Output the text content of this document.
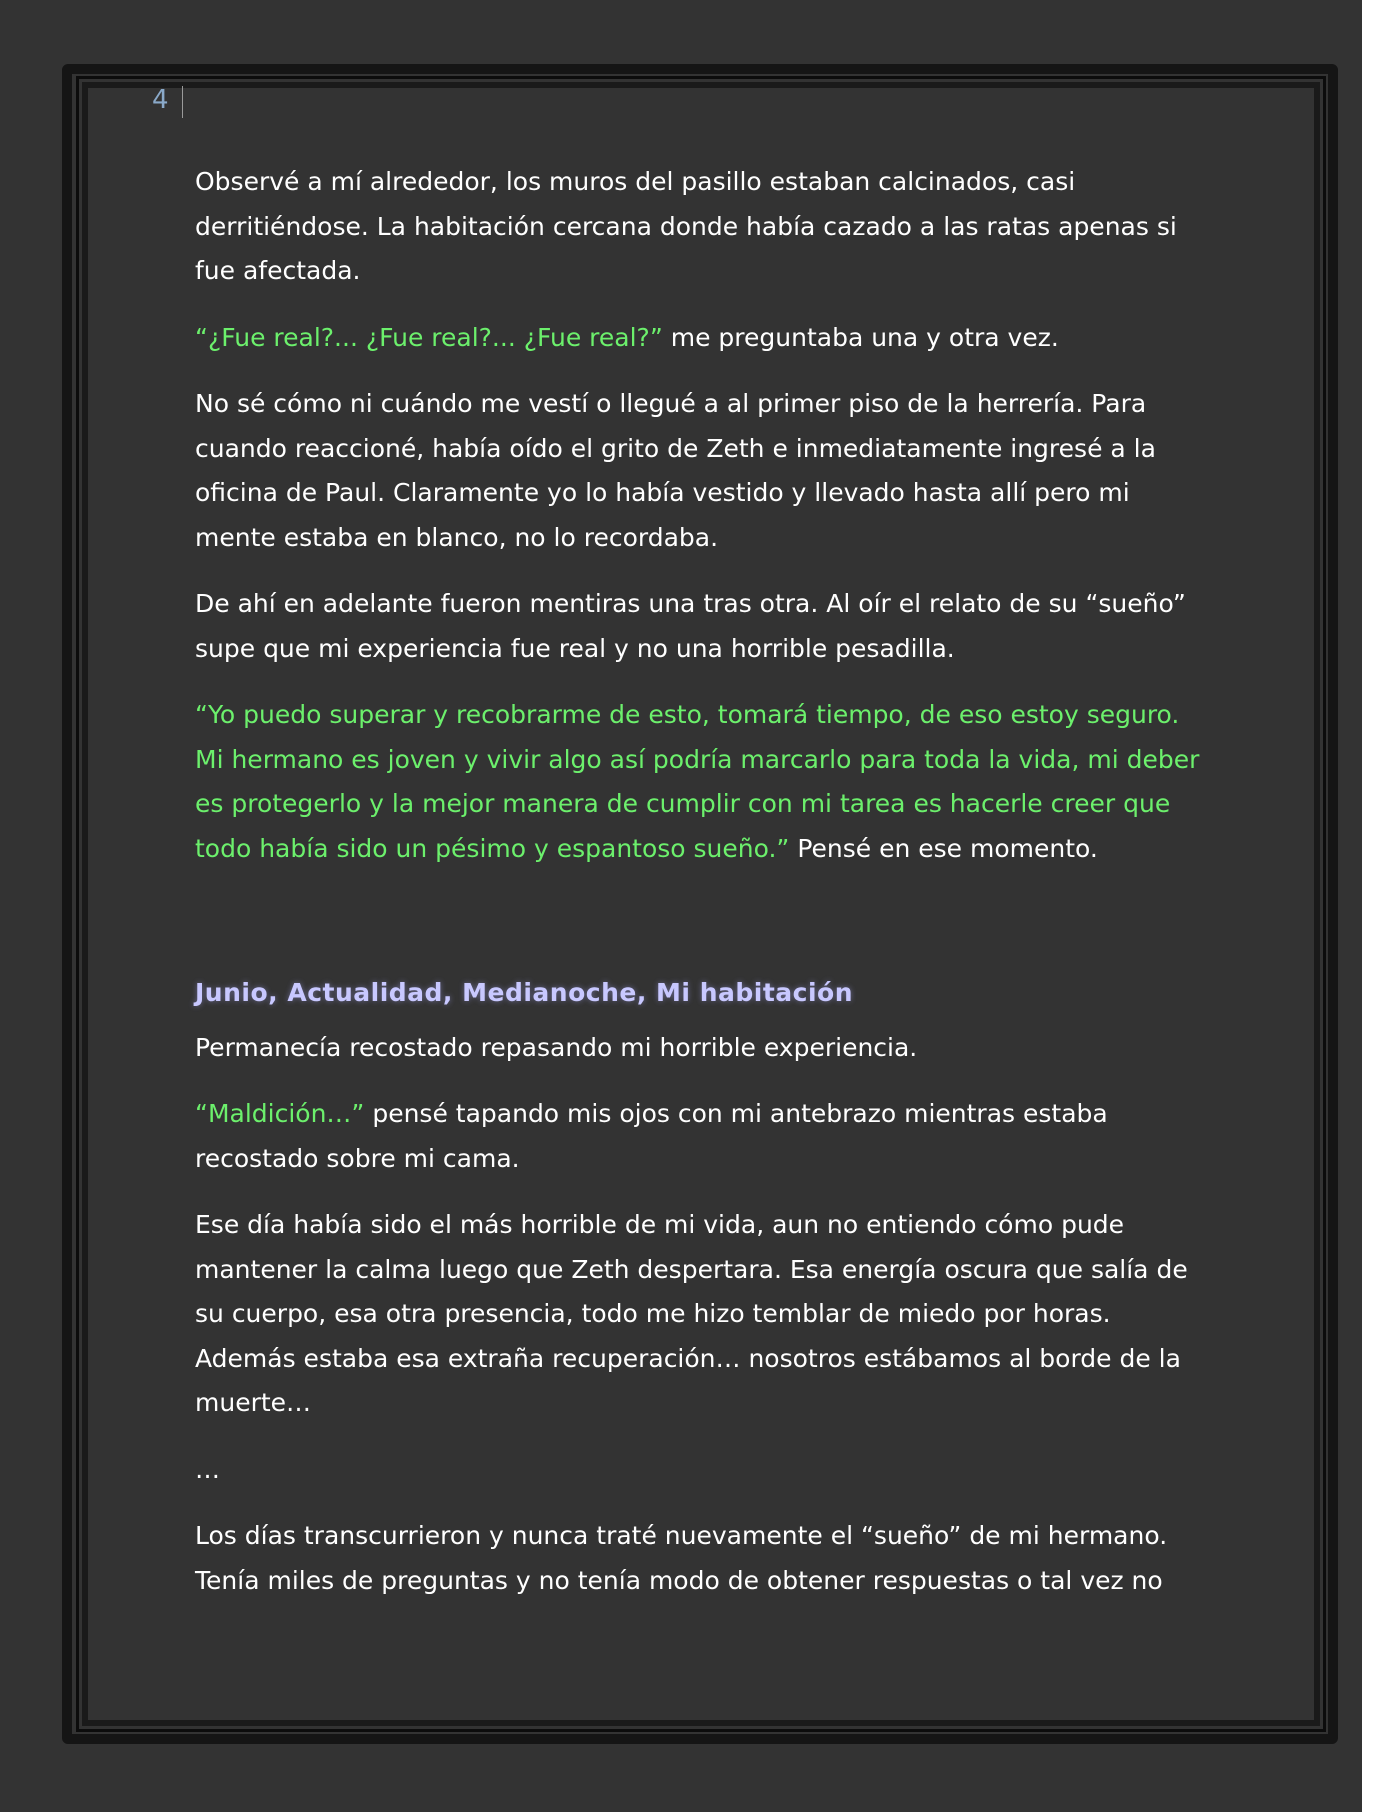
4

Observé a mí alrededor, los muros del pasillo estaban calcinados, casi derritiéndose. La habitación cercana donde había cazado a las ratas apenas si fue afectada.

“¿Fue real?... ¿Fue real?... ¿Fue real?” me preguntaba una y otra vez.

No sé cómo ni cuándo me vestí o llegué a al primer piso de la herrería. Para cuando reaccioné, había oído el grito de Zeth e inmediatamente ingresé a la oficina de Paul. Claramente yo lo había vestido y llevado hasta allí pero mi mente estaba en blanco, no lo recordaba.

De ahí en adelante fueron mentiras una tras otra. Al oír el relato de su “sueño” supe que mi experiencia fue real y no una horrible pesadilla.

“Yo puedo superar y recobrarme de esto, tomará tiempo, de eso estoy seguro. Mi hermano es joven y vivir algo así podría marcarlo para toda la vida, mi deber es protegerlo y la mejor manera de cumplir con mi tarea es hacerle creer que todo había sido un pésimo y espantoso sueño.” Pensé en ese momento.

Junio, Actualidad, Medianoche, Mi habitación

Permanecía recostado repasando mi horrible experiencia.

“Maldición…” pensé tapando mis ojos con mi antebrazo mientras estaba recostado sobre mi cama.

Ese día había sido el más horrible de mi vida, aun no entiendo cómo pude mantener la calma luego que Zeth despertara. Esa energía oscura que salía de su cuerpo, esa otra presencia, todo me hizo temblar de miedo por horas. Además estaba esa extraña recuperación… nosotros estábamos al borde de la muerte…

…

Los días transcurrieron y nunca traté nuevamente el “sueño” de mi hermano. Tenía miles de preguntas y no tenía modo de obtener respuestas o tal vez no
